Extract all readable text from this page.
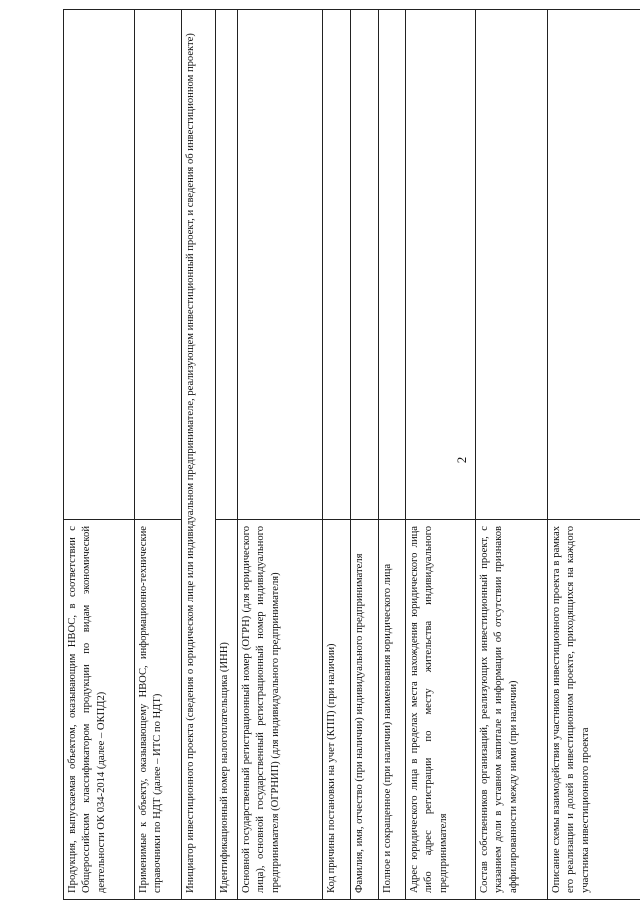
2
Продукция, выпускаемая объектом, оказывающим НВОС, в соответствии с Общероссийским классификатором продукции по видам экономической деятельности ОК 034-2014 (далее – ОКПД2)	

Применимые к объекту, оказывающему НВОС, информационно-технические справочники по НДТ (далее – ИТС по НДТ)	

Инициатор инвестиционного проекта (сведения о юридическом лице или индивидуальном предпринимателе, реализующем инвестиционный проект, и сведения об инвестиционном проекте)	

Идентификационный номер налогоплательщика (ИНН)	

Основной государственный регистрационный номер (ОГРН) (для юридического лица), основной государственный регистрационный номер индивидуального предпринимателя (ОГРНИП) (для индивидуального предпринимателя)	

Код причины постановки на учет (КПП) (при наличии)	

Фамилия, имя, отчество (при наличии) индивидуального предпринимателя	

Полное и сокращенное (при наличии) наименования юридического лица	

Адрес юридического лица в пределах места нахождения юридического лица либо адрес регистрации по месту жительства индивидуального предпринимателя	

Состав собственников организаций, реализующих инвестиционный проект, с указанием доли в уставном капитале и информации об отсутствии признаков аффилированности между ними (при наличии)	

Описание схемы взаимодействия участников инвестиционного проекта в рамках его реализации и долей в инвестиционном проекте, приходящихся на каждого участника инвестиционного проекта	
